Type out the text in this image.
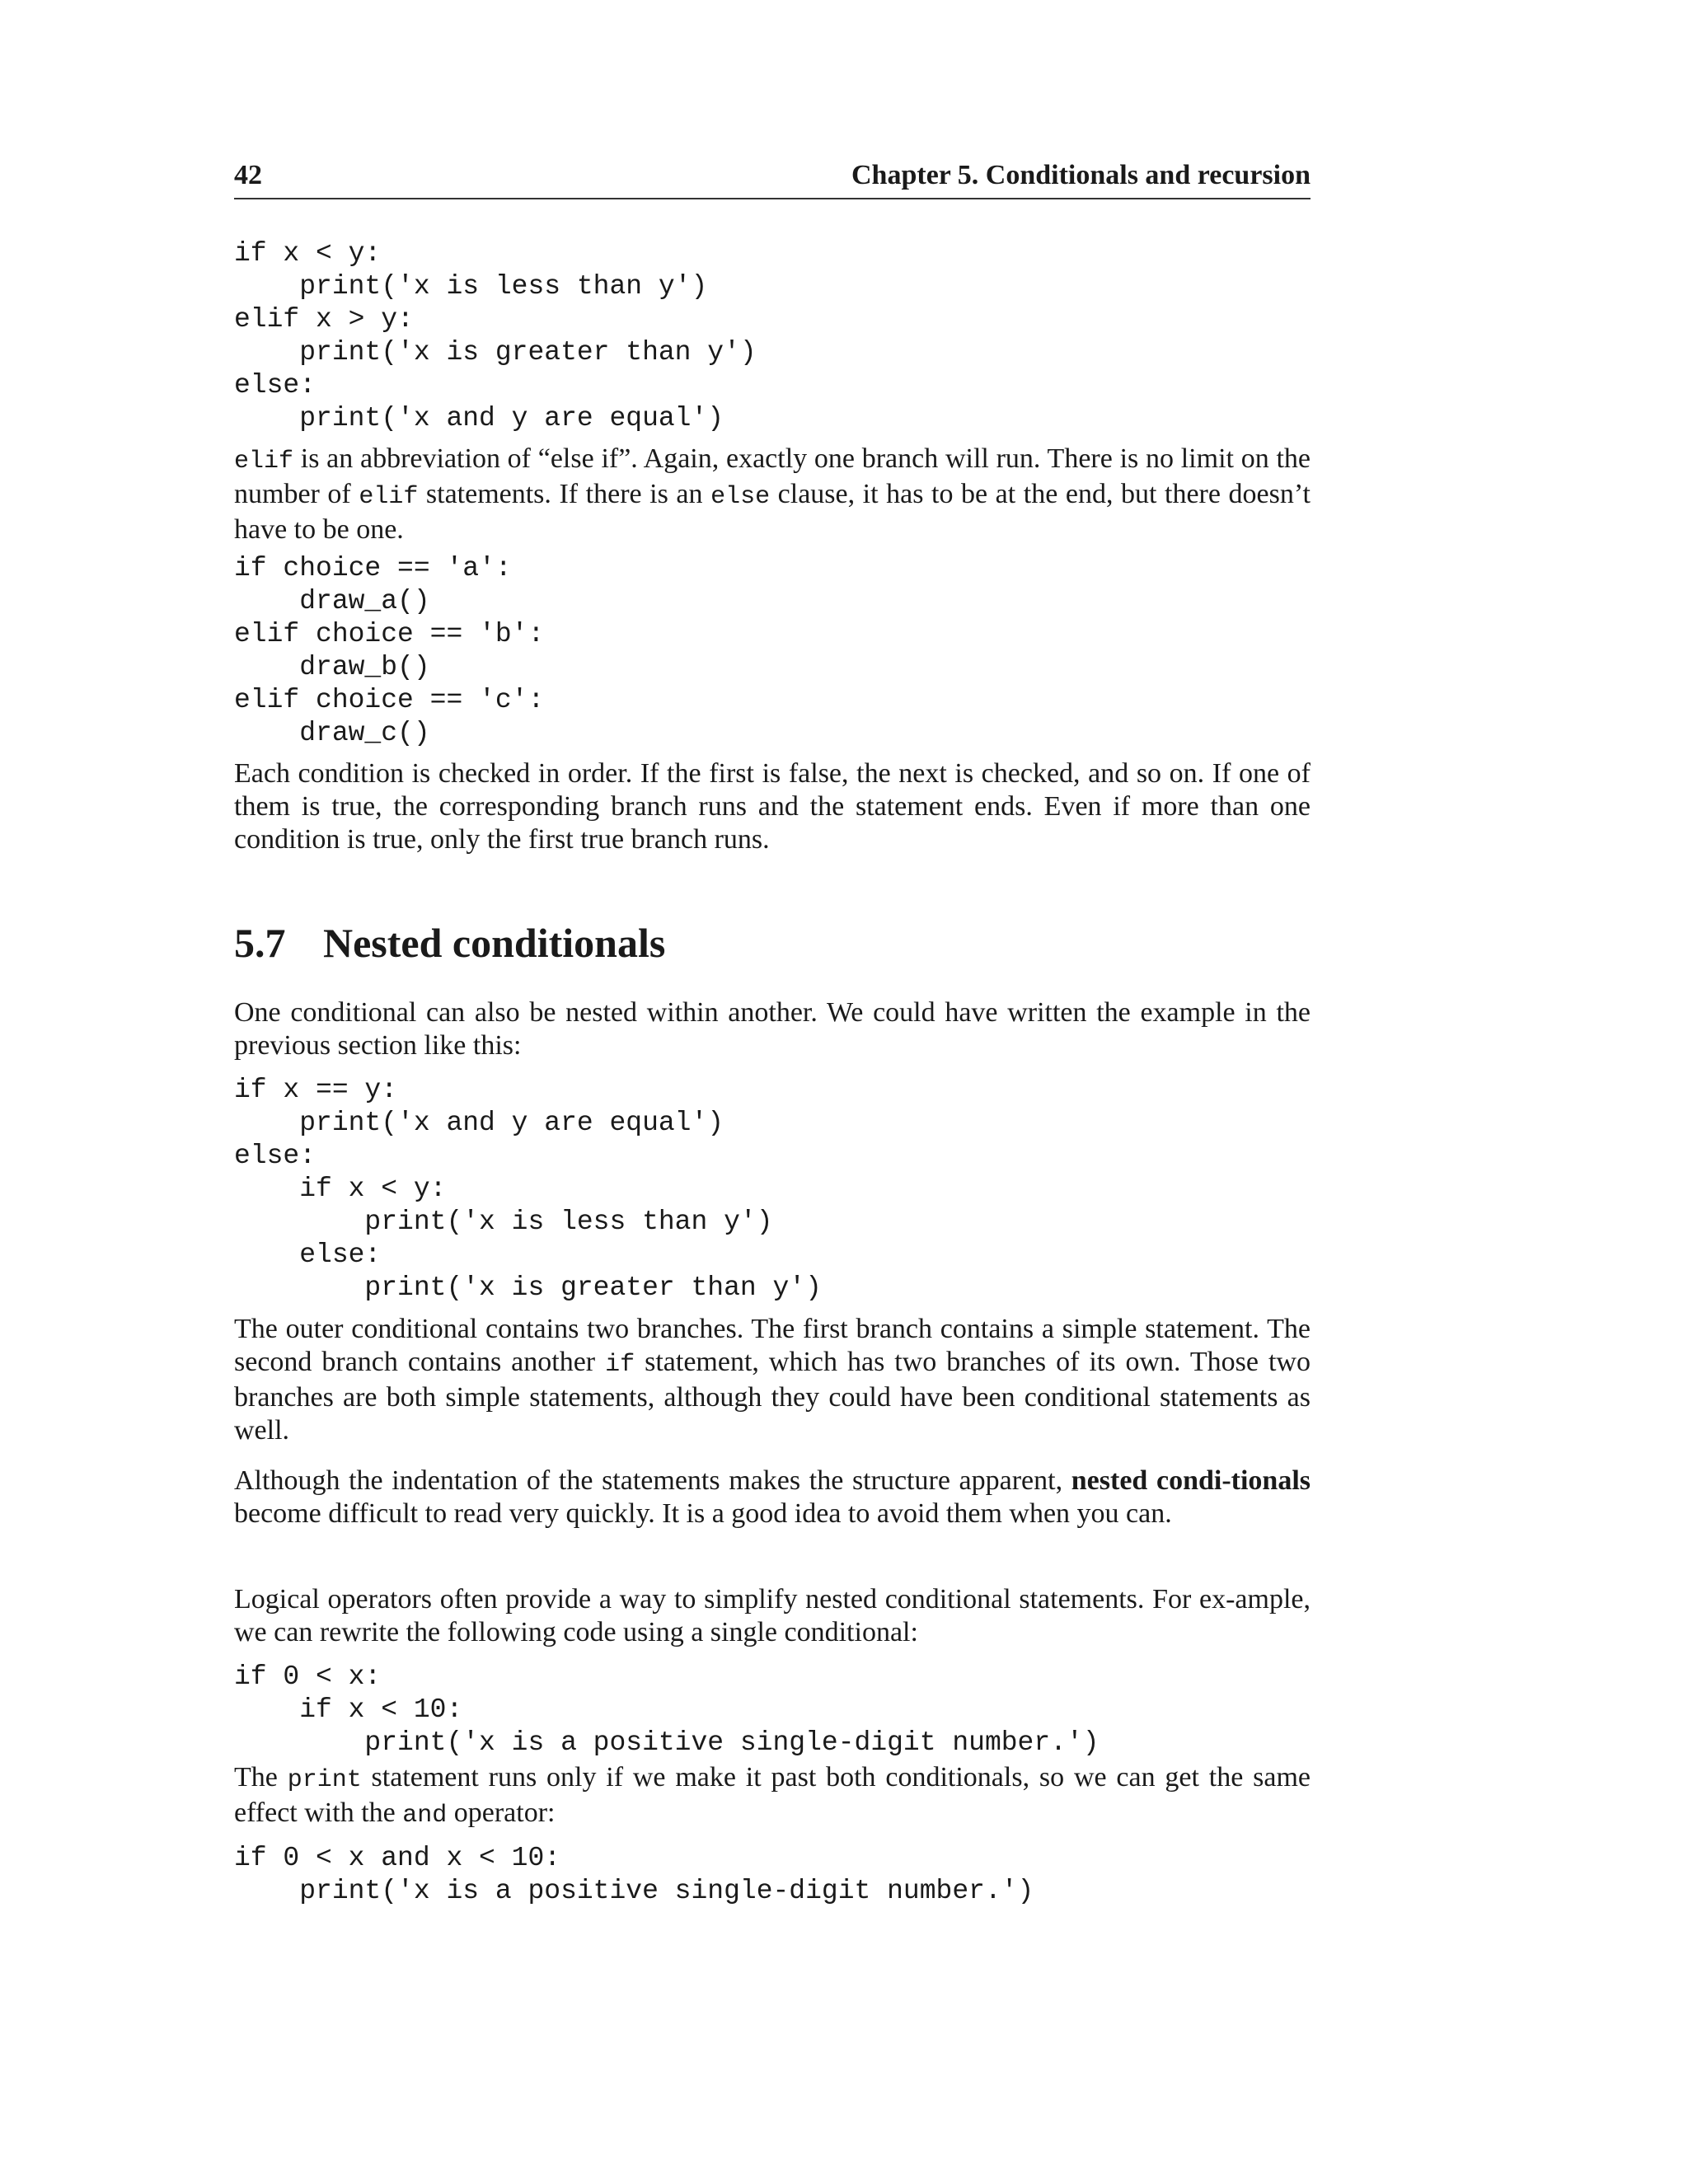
42	Chapter 5. Conditionals and recursion
if x < y:
print('x is less than y')
elif x > y:
print('x is greater than y')
else:
print('x and y are equal')

elif is an abbreviation of “else if”. Again, exactly one branch will run. There is no limit on the number of elif statements. If there is an else clause, it has to be at the end, but there doesn’t have to be one.

if choice == 'a':
draw_a()
elif choice == 'b':
draw_b()
elif choice == 'c':
draw_c()

Each condition is checked in order. If the first is false, the next is checked, and so on. If one of them is true, the corresponding branch runs and the statement ends. Even if more than one condition is true, only the first true branch runs.

5.7 Nested conditionals

One conditional can also be nested within another. We could have written the example in the previous section like this:

if x == y:
print('x and y are equal')
else:
if x < y:
print('x is less than y')
else:
print('x is greater than y')

The outer conditional contains two branches. The first branch contains a simple statement. The second branch contains another if statement, which has two branches of its own. Those two branches are both simple statements, although they could have been conditional statements as well.

Although the indentation of the statements makes the structure apparent, nested condi-tionals become difficult to read very quickly. It is a good idea to avoid them when you can.

Logical operators often provide a way to simplify nested conditional statements. For ex-ample, we can rewrite the following code using a single conditional:

if 0 < x:
if x < 10:
print('x is a positive single-digit number.')

The print statement runs only if we make it past both conditionals, so we can get the same effect with the and operator:

if 0 < x and x < 10:
print('x is a positive single-digit number.')
